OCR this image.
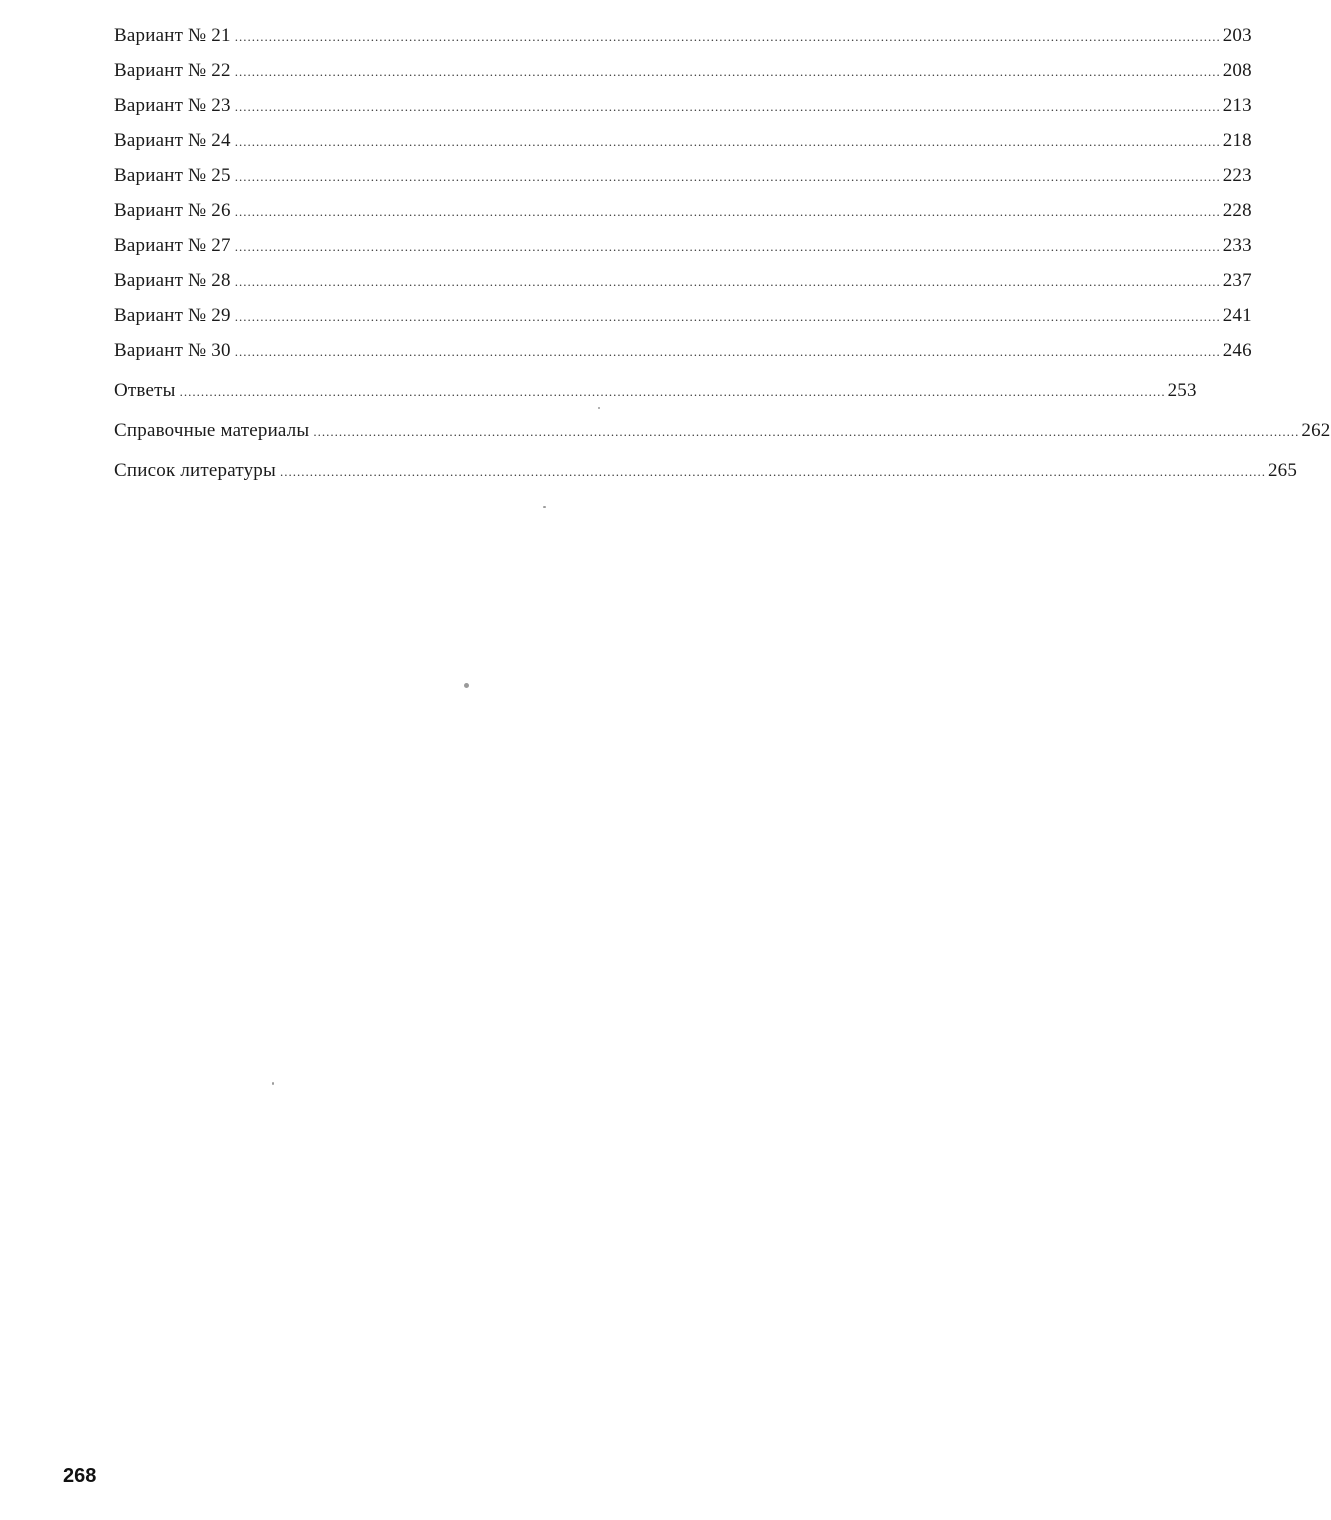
Вариант № 21 ........................................................................................................................................................................................................................................ 203
Вариант № 22 ........................................................................................................................................................................................................................................ 208
Вариант № 23 ........................................................................................................................................................................................................................................ 213
Вариант № 24 ........................................................................................................................................................................................................................................ 218
Вариант № 25 ........................................................................................................................................................................................................................................ 223
Вариант № 26 ........................................................................................................................................................................................................................................ 228
Вариант № 27 ........................................................................................................................................................................................................................................ 233
Вариант № 28 ........................................................................................................................................................................................................................................ 237
Вариант № 29 ........................................................................................................................................................................................................................................ 241
Вариант № 30 ........................................................................................................................................................................................................................................ 246
Ответы ........................................................................................................................................................................................................................................ 253
Справочные материалы ........................................................................................................................................................................................................................................ 262
Список литературы ........................................................................................................................................................................................................................................ 265
268
